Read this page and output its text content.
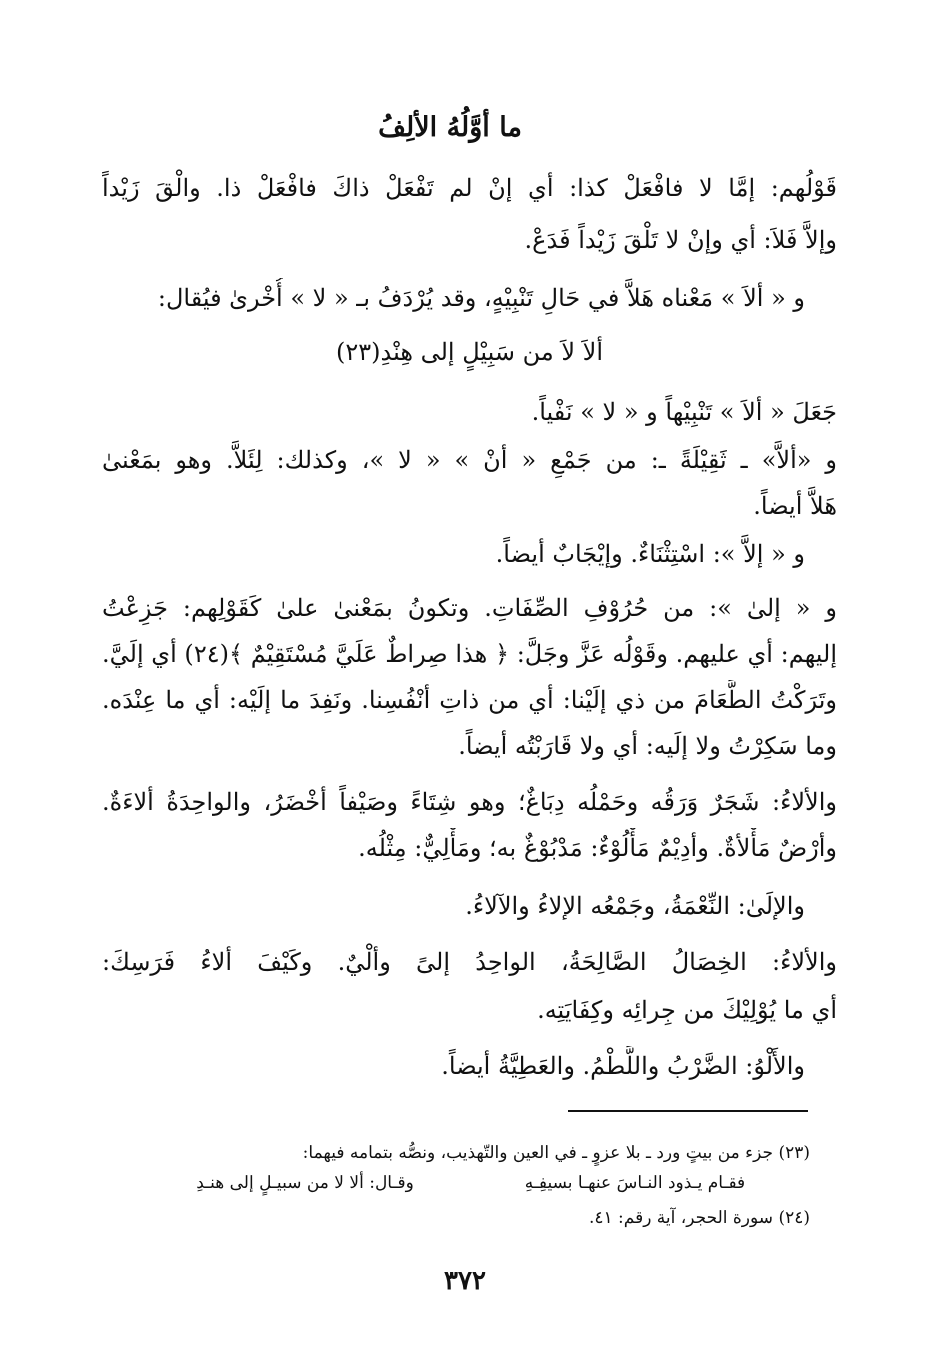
ما أوَّلُهُ الألِفُ
قَوْلُهم: إمَّا لا فافْعَلْ كذا: أي إنْ لم تَفْعَلْ ذاكَ فافْعَلْ ذا. والْقَ زَيْداً
وإلاَّ فَلاَ: أي وإنْ لا تَلْقَ زَيْداً فَدَعْ.
و « ألاَ » مَعْناه هَلاَّ في حَالِ تَنْبِيْهٍ، وقد يُرْدَفُ بـ « لا » أُخْرىٰ فيُقال:
ألاَ لاَ من سَبِيْلٍ إلى هِنْدِ(٢٣)
جَعَلَ « ألاَ » تَنْبِيْهاً و « لا » نَفْياً.
و «ألاَّ» ـ ثَقِيْلَةً ـ: من جَمْعِ « أنْ » « لا »، وكذلك: لِئَلاَّ. وهو بمَعْنىٰ
هَلاَّ أيضاً.
و « إلاَّ »: اسْتِثْنَاءٌ. وإيْجَابٌ أيضاً.
و « إلىٰ »: من حُرُوْفِ الصِّفَاتِ. وتكونُ بمَعْنىٰ علىٰ كَقَوْلِهم: جَزِعْتُ
إليهم: أي عليهم. وقَوْلُه عَزَّ وجَلَّ: ﴿ هذا صِراطٌ عَلَيَّ مُسْتَقِيْمٌ ﴾(٢٤) أي إلَيَّ.
وتَرَكْتُ الطَّعَامَ من ذي إلَيْنا: أي من ذاتِ أنْفُسِنا. ونَفِدَ ما إلَيْه: أي ما عِنْدَه.
وما سَكِرْتُ ولا إلَيه: أي ولا قَارَبْتُه أيضاً.
والألاءُ: شَجَرٌ وَرَقُه وحَمْلُه دِبَاغٌ؛ وهو شِتَاءً وصَيْفاً أخْضَرُ، والواحِدَةُ ألاءَةٌ.
وأرْضٌ مَأْلأةٌ. وأدِيْمٌ مَأْلُوْءٌ: مَدْبُوْغٌ به؛ ومَأْلِيٌّ: مِثْلُه.
والإلَىٰ: النِّعْمَةُ، وجَمْعُه الإلاءُ والآلاءُ.
والألاءُ: الخِصَالُ الصَّالِحَةُ، الواحِدُ إلىً وألْيٌ. وكَيْفَ ألاءُ فَرَسِكَ:
أي ما يُوْلِيْكَ من جِرائِه وكِفَايَتِه.
والأَلْوُ: الضَّرْبُ واللَّطْمُ. والعَطِيَّةُ أيضاً.
(٢٣) جزء من بيتٍ ورد ـ بلا عزوٍ ـ في العين والتّهذيب، ونصُّه بتمامه فيهما:
فقـام يـذود النـاسَ عنهـا بسيفِـهِوقـال: ألا لا من سبيـلٍ إلى هنـدِ
(٢٤) سورة الحجر، آية رقم: ٤١.
٣٧٢
